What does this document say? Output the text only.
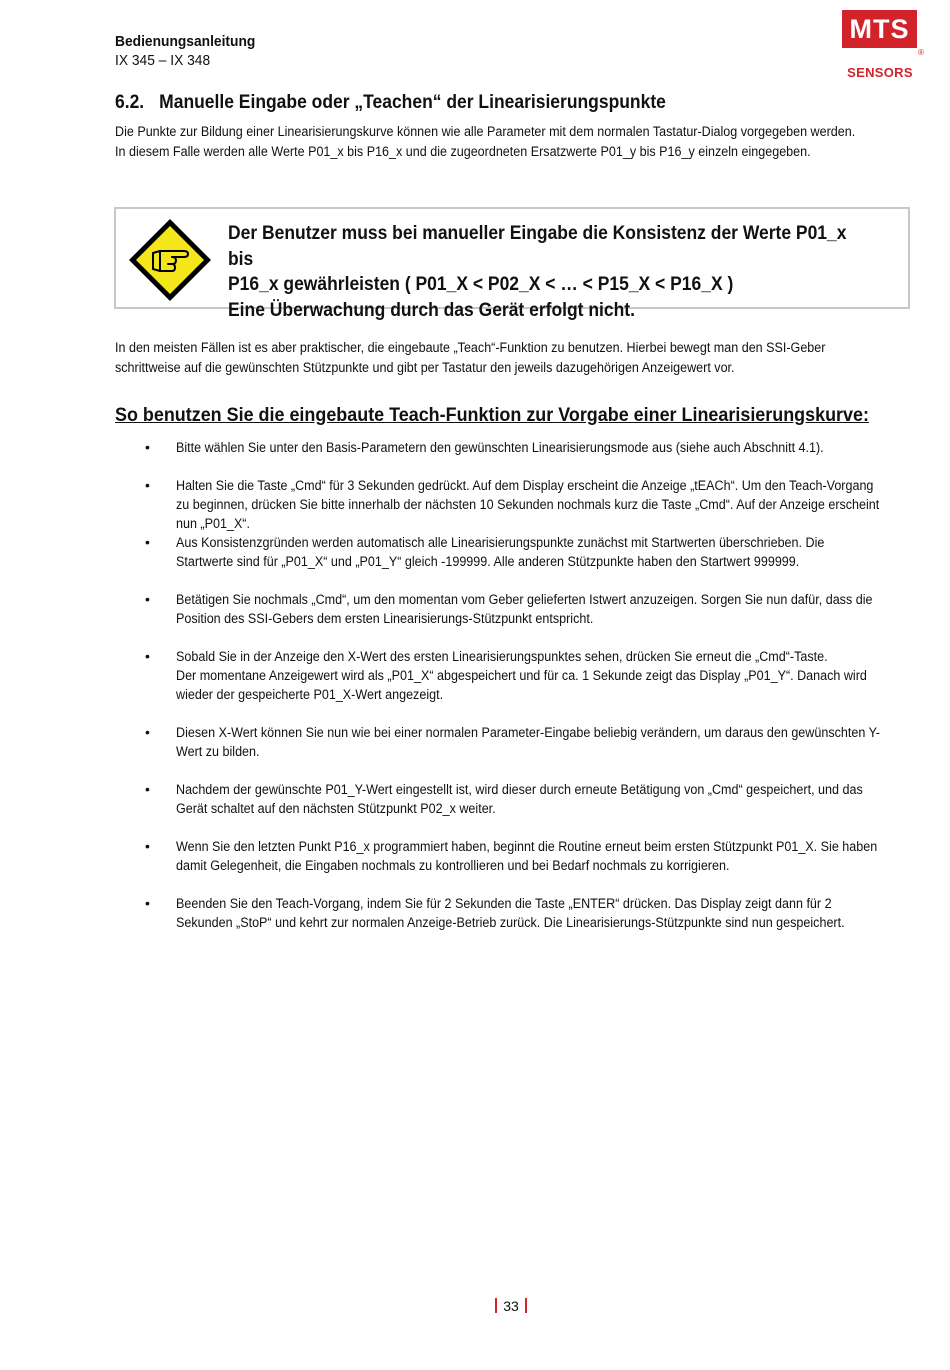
Bedienungsanleitung
IX 345 – IX 348
MTS
®
SENSORS
6.2. Manuelle Eingabe oder „Teachen“ der Linearisierungspunkte
Die Punkte zur Bildung einer Linearisierungskurve können wie alle Parameter mit dem normalen Tastatur-Dialog vorgegeben werden. In diesem Falle werden alle Werte P01_x bis P16_x und die zugeordneten Ersatzwerte P01_y bis P16_y einzeln eingegeben.
Der Benutzer muss bei manueller Eingabe die Konsistenz der Werte P01_x bis
P16_x gewährleisten ( P01_X < P02_X < … < P15_X < P16_X )
Eine Überwachung durch das Gerät erfolgt nicht.
In den meisten Fällen ist es aber praktischer, die eingebaute „Teach“-Funktion zu benutzen. Hierbei bewegt man den SSI-Geber schrittweise auf die gewünschten Stützpunkte und gibt per Tastatur den jeweils dazugehörigen Anzeigewert vor.
So benutzen Sie die eingebaute Teach-Funktion zur Vorgabe einer Linearisierungskurve:
• Bitte wählen Sie unter den Basis-Parametern den gewünschten Linearisierungsmode aus (siehe auch Abschnitt 4.1).
• Halten Sie die Taste „Cmd“ für 3 Sekunden gedrückt. Auf dem Display erscheint die Anzeige „tEACh“. Um den Teach-Vorgang zu beginnen, drücken Sie bitte innerhalb der nächsten 10 Sekunden nochmals kurz die Taste „Cmd“. Auf der Anzeige erscheint nun „P01_X“.
• Aus Konsistenzgründen werden automatisch alle Linearisierungspunkte zunächst mit Startwerten überschrieben. Die Startwerte sind für „P01_X“ und „P01_Y“ gleich -199999. Alle anderen Stützpunkte haben den Startwert 999999.
• Betätigen Sie nochmals „Cmd“, um den momentan vom Geber gelieferten Istwert anzuzeigen. Sorgen Sie nun dafür, dass die Position des SSI-Gebers dem ersten Linearisierungs-Stützpunkt entspricht.
• Sobald Sie in der Anzeige den X-Wert des ersten Linearisierungspunktes sehen, drücken Sie erneut die „Cmd“-Taste.
Der momentane Anzeigewert wird als „P01_X“ abgespeichert und für ca. 1 Sekunde zeigt das Display „P01_Y“. Danach wird wieder der gespeicherte P01_X-Wert angezeigt.
• Diesen X-Wert können Sie nun wie bei einer normalen Parameter-Eingabe beliebig verändern, um daraus den gewünschten Y-Wert zu bilden.
• Nachdem der gewünschte P01_Y-Wert eingestellt ist, wird dieser durch erneute Betätigung von „Cmd“ gespeichert, und das Gerät schaltet auf den nächsten Stützpunkt P02_x weiter.
• Wenn Sie den letzten Punkt P16_x programmiert haben, beginnt die Routine erneut beim ersten Stützpunkt P01_X. Sie haben damit Gelegenheit, die Eingaben nochmals zu kontrollieren und bei Bedarf nochmals zu korrigieren.
• Beenden Sie den Teach-Vorgang, indem Sie für 2 Sekunden die Taste „ENTER“ drücken. Das Display zeigt dann für 2 Sekunden „StoP“ und kehrt zur normalen Anzeige-Betrieb zurück. Die Linearisierungs-Stützpunkte sind nun gespeichert.
33
